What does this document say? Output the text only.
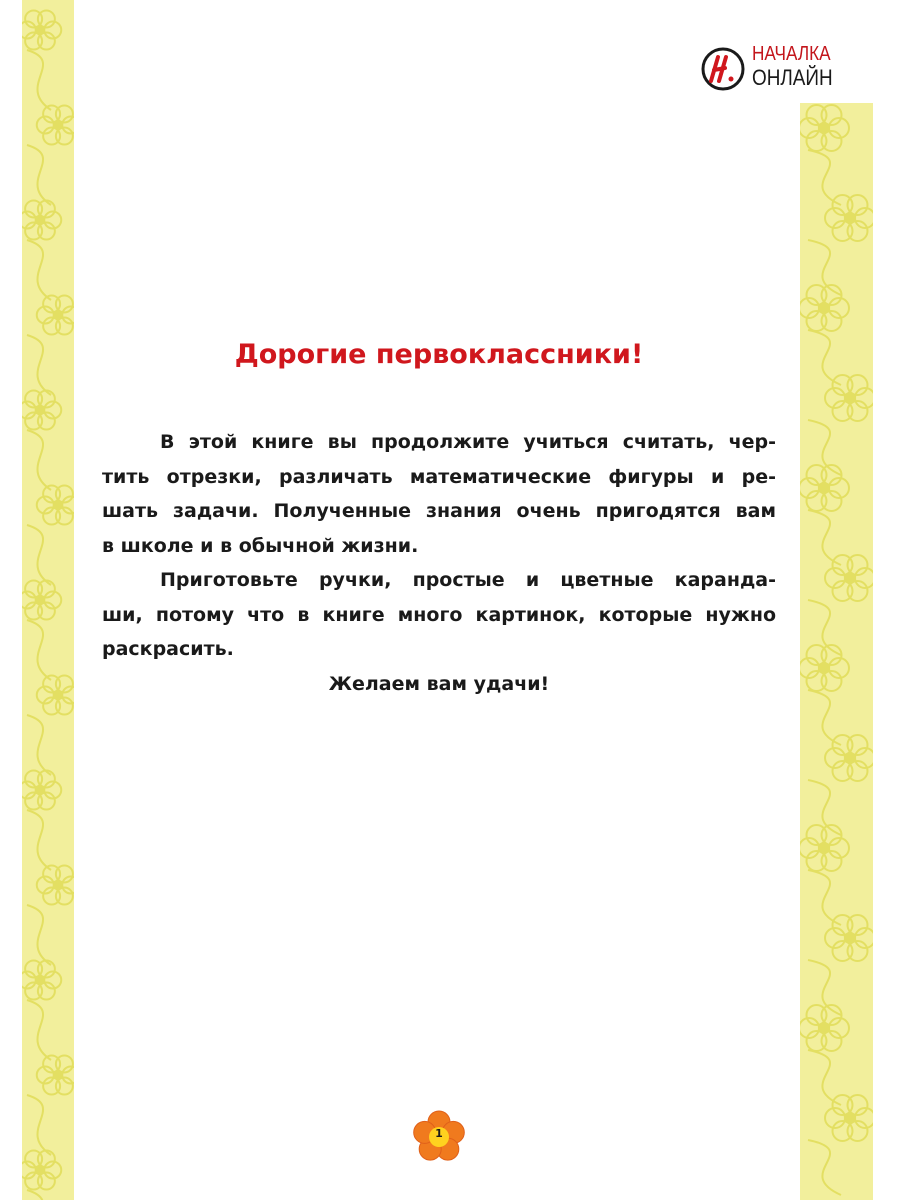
НАЧАЛКА
ОНЛАЙН
Дорогие первоклассники!
В этой книге вы продолжите учиться считать, чер-
тить отрезки, различать математические фигуры и ре-
шать задачи. Полученные знания очень пригодятся вам
в школе и в обычной жизни.
Приготовьте ручки, простые и цветные каранда-
ши, потому что в книге много картинок, которые нужно
раскрасить.
Желаем вам удачи!
1
